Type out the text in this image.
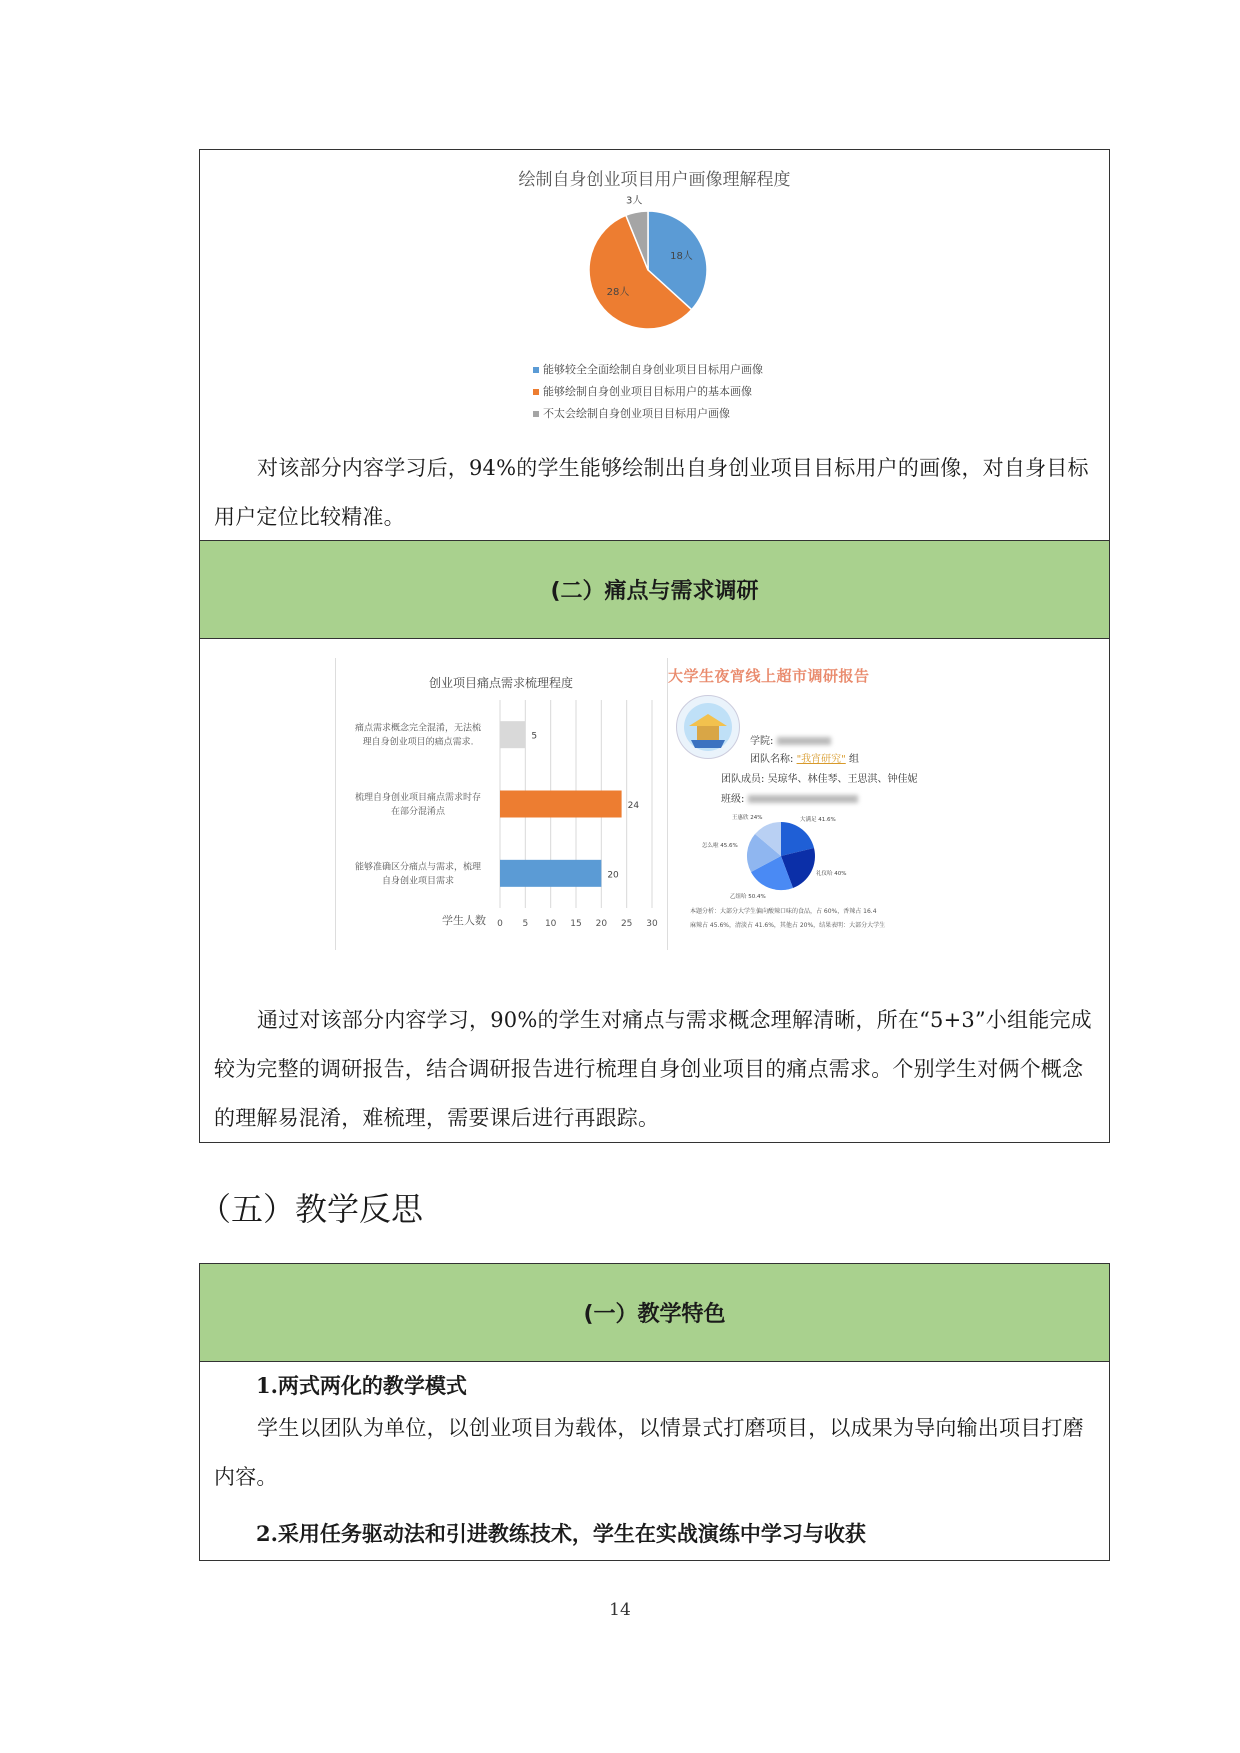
绘制自身创业项目用户画像理解程度
18人
28人
3人
能够较全全面绘制自身创业项目目标用户画像
能够绘制自身创业项目目标用户的基本画像
不太会绘制自身创业项目目标用户画像

对该部分内容学习后，94%的学生能够绘制出自身创业项目目标用户的画像，对自身目标用户定位比较精准。

(二）痛点与需求调研
创业项目痛点需求梳理程度
0 5 10 15 20 25 30
学生人数
5
痛点需求概念完全混淆，无法梳
理自身创业项目的痛点需求.
24
梳理自身创业项目痛点需求时存
在部分混淆点
20
能够准确区分痛点与需求，梳理
自身创业项目需求
大学生夜宵线上超市调研报告
学院:
团队名称: "我宵研究" 组
团队成员: 吴琼华、林佳琴、王思淇、钟佳妮
班级:
王惠欣 24%	大满足 41.6%
怎么啦 45.6%
礼仪哈 40%
乙组哈 50.4%
本题分析：大部分大学生偏向酸辣口味的食品，占 60%，香辣占 16.4
麻辣占 45.6%，清淡占 41.6%，其他占 20%，结果表明：大部分大学生

通过对该部分内容学习，90%的学生对痛点与需求概念理解清晰，所在“5+3”小组能完成较为完整的调研报告，结合调研报告进行梳理自身创业项目的痛点需求。个别学生对俩个概念的理解易混淆，难梳理，需要课后进行再跟踪。

（五）教学反思
(一）教学特色
1.两式两化的教学模式

学生以团队为单位，以创业项目为载体，以情景式打磨项目，以成果为导向输出项目打磨内容。

2.采用任务驱动法和引进教练技术，学生在实战演练中学习与收获
14
